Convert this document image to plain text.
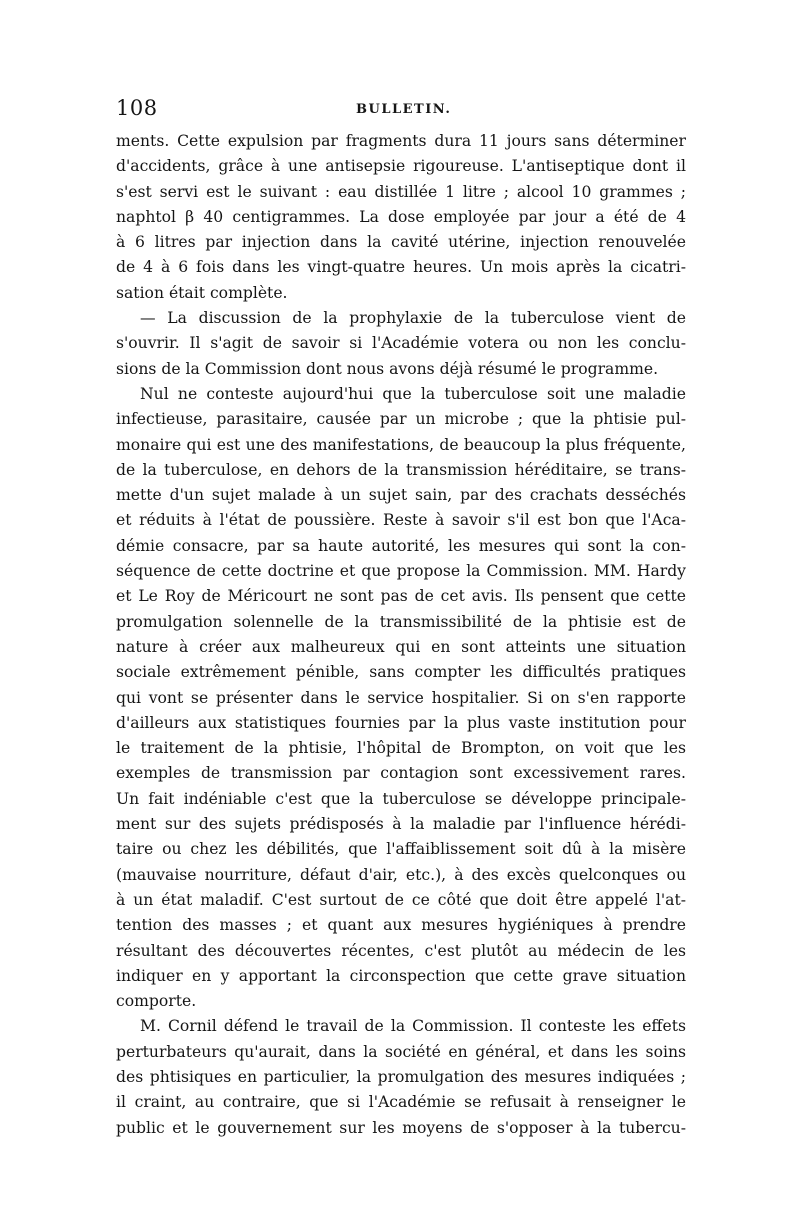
108	BULLETIN.
ments. Cette expulsion par fragments dura 11 jours sans déterminer
d'accidents, grâce à une antisepsie rigoureuse. L'antiseptique dont il
s'est servi est le suivant : eau distillée 1 litre ; alcool 10 grammes ;
naphtol β 40 centigrammes. La dose employée par jour a été de 4
à 6 litres par injection dans la cavité utérine, injection renouvelée
de 4 à 6 fois dans les vingt-quatre heures. Un mois après la cicatri-
sation était complète.
— La discussion de la prophylaxie de la tuberculose vient de
s'ouvrir. Il s'agit de savoir si l'Académie votera ou non les conclu-
sions de la Commission dont nous avons déjà résumé le programme.
Nul ne conteste aujourd'hui que la tuberculose soit une maladie
infectieuse, parasitaire, causée par un microbe ; que la phtisie pul-
monaire qui est une des manifestations, de beaucoup la plus fréquente,
de la tuberculose, en dehors de la transmission héréditaire, se trans-
mette d'un sujet malade à un sujet sain, par des crachats desséchés
et réduits à l'état de poussière. Reste à savoir s'il est bon que l'Aca-
démie consacre, par sa haute autorité, les mesures qui sont la con-
séquence de cette doctrine et que propose la Commission. MM. Hardy
et Le Roy de Méricourt ne sont pas de cet avis. Ils pensent que cette
promulgation solennelle de la transmissibilité de la phtisie est de
nature à créer aux malheureux qui en sont atteints une situation
sociale extrêmement pénible, sans compter les difficultés pratiques
qui vont se présenter dans le service hospitalier. Si on s'en rapporte
d'ailleurs aux statistiques fournies par la plus vaste institution pour
le traitement de la phtisie, l'hôpital de Brompton, on voit que les
exemples de transmission par contagion sont excessivement rares.
Un fait indéniable c'est que la tuberculose se développe principale-
ment sur des sujets prédisposés à la maladie par l'influence hérédi-
taire ou chez les débilités, que l'affaiblissement soit dû à la misère
(mauvaise nourriture, défaut d'air, etc.), à des excès quelconques ou
à un état maladif. C'est surtout de ce côté que doit être appelé l'at-
tention des masses ; et quant aux mesures hygiéniques à prendre
résultant des découvertes récentes, c'est plutôt au médecin de les
indiquer en y apportant la circonspection que cette grave situation
comporte.
M. Cornil défend le travail de la Commission. Il conteste les effets
perturbateurs qu'aurait, dans la société en général, et dans les soins
des phtisiques en particulier, la promulgation des mesures indiquées ;
il craint, au contraire, que si l'Académie se refusait à renseigner le
public et le gouvernement sur les moyens de s'opposer à la tubercu-
